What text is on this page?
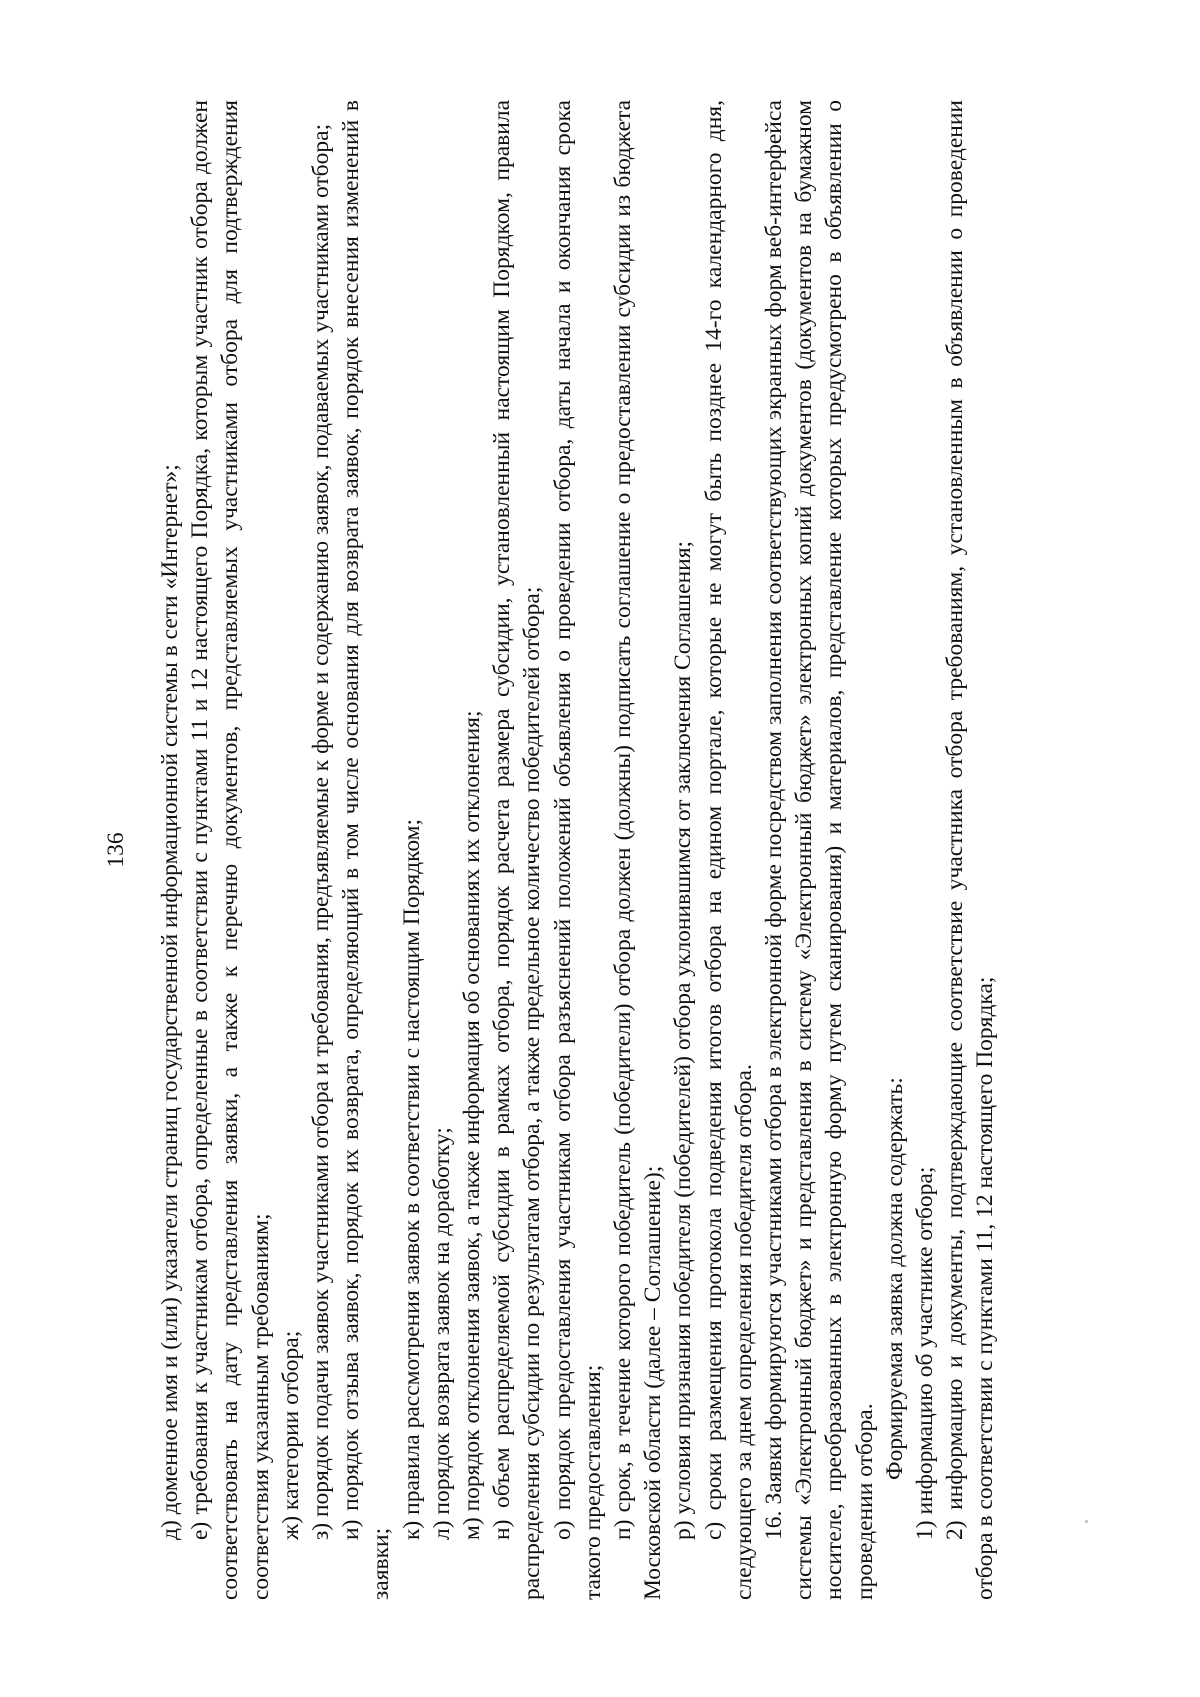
136 д) доменное имя и (или) указатели страниц государственной информационной системы в сети «Интернет»; е) требования к участникам отбора, определенные в соответствии с пунктами 11 и 12 настоящего Порядка, которым участник отбора должен соответствовать на дату представления заявки, а также к перечню документов, представляемых участниками отбора для подтверждения соответствия указанным требованиям; ж) категории отбора; з) порядок подачи заявок участниками отбора и требования, предъявляемые к форме и содержанию заявок, подаваемых участниками отбора; и) порядок отзыва заявок, порядок их возврата, определяющий в том числе основания для возврата заявок, порядок внесения изменений в заявки;

к) правила рассмотрения заявок в соответствии с настоящим Порядком; л) порядок возврата заявок на доработку; м) порядок отклонения заявок, а также информация об основаниях их отклонения; н) объем распределяемой субсидии в рамках отбора, порядок расчета размера субсидии, установленный настоящим Порядком, правила распределения субсидии по результатам отбора, а также предельное количество победителей отбора; о) порядок предоставления участникам отбора разъяснений положений объявления о проведении отбора, даты начала и окончания срока такого предоставления; п) срок, в течение которого победитель (победители) отбора должен (должны) подписать соглашение о предоставлении субсидии из бюджета Московской области (далее – Соглашение); р) условия признания победителя (победителей) отбора уклонившимся от заключения Соглашения; с) сроки размещения протокола подведения итогов отбора на едином портале, которые не могут быть позднее 14-го календарного дня, следующего за днем определения победителя отбора. 16. Заявки формируются участниками отбора в электронной форме посредством заполнения соответствующих экранных форм веб-интерфейса системы «Электронный бюджет» и представления в систему «Электронный бюджет» электронных копий документов (документов на бумажном носителе, преобразованных в электронную форму путем сканирования) и материалов, представление которых предусмотрено в объявлении о проведении отбора.

Формируемая заявка должна содержать: 1) информацию об участнике отбора; 2) информацию и документы, подтверждающие соответствие участника отбора требованиям, установленным в объявлении о проведении отбора в соответствии с пунктами 11, 12 настоящего Порядка;
